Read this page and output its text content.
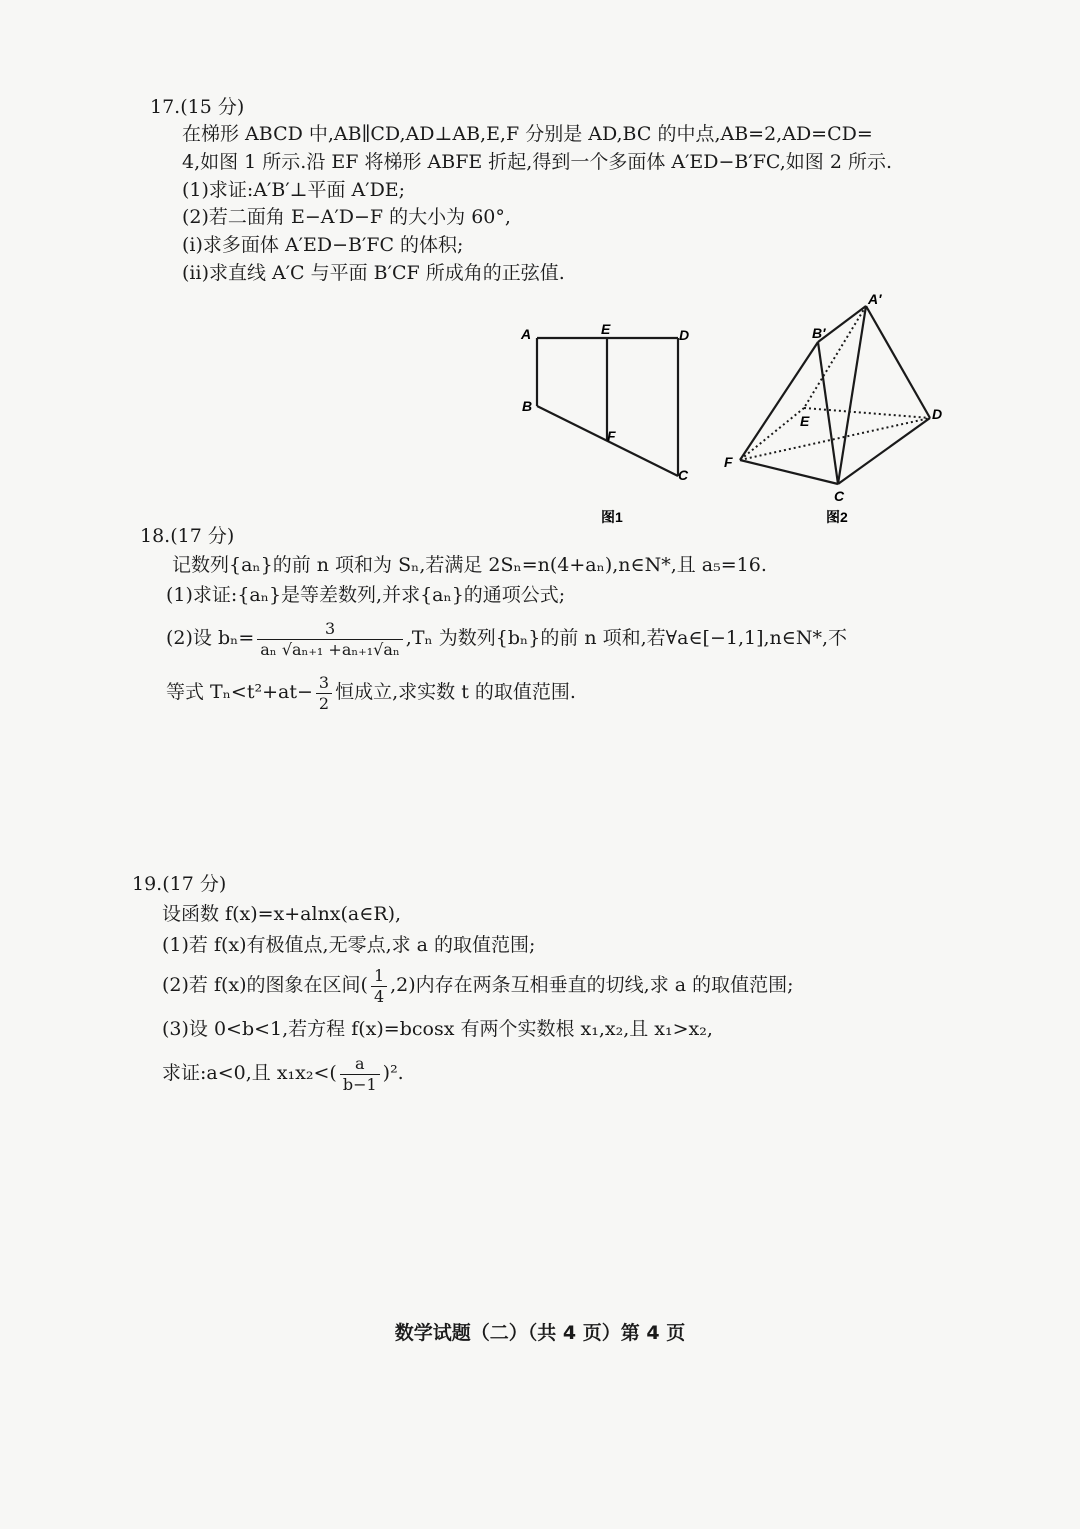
17.(15 分)
在梯形 ABCD 中,AB∥CD,AD⊥AB,E,F 分别是 AD,BC 的中点,AB=2,AD=CD=
4,如图 1 所示.沿 EF 将梯形 ABFE 折起,得到一个多面体 A′ED−B′FC,如图 2 所示.
(1)求证:A′B′⊥平面 A′DE;
(2)若二面角 E−A′D−F 的大小为 60°,
(ⅰ)求多面体 A′ED−B′FC 的体积;
(ⅱ)求直线 A′C 与平面 B′CF 所成角的正弦值.
A	E	D
B
F
C
图1
A′
B′
E	D
F
C
图2
18.(17 分)
记数列{aₙ}的前 n 项和为 Sₙ,若满足 2Sₙ=n(4+aₙ),n∈N*,且 a₅=16.
(1)求证:{aₙ}是等差数列,并求{aₙ}的通项公式;
(2)设 $b_n= \frac{3}{\text{aₙ √aₙ₊₁ +aₙ₊₁√aₙ}} ,T_n$ 为数列{bₙ}的前 n 项和,若∀a∈[−1,1],n∈N*,不
等式 $T_n<t^2+at- \frac{3}{2}$ 恒成立,求实数 t 的取值范围.
19.(17 分)
设函数 f(x)=x+alnx(a∈R),
(1)若 f(x)有极值点,无零点,求 a 的取值范围;
(2)若 f(x)的图象在区间( $\frac{1}{4} ,2$)内存在两条互相垂直的切线,求 a 的取值范围;
(3)设 0<b<1,若方程 f(x)=bcosx 有两个实数根 x₁,x₂,且 x₁>x₂,
求证:a<0,且 $x_1x_2<( \frac{a}{b-1} )^2$.
数学试题（二）（共 4 页）第 4 页
